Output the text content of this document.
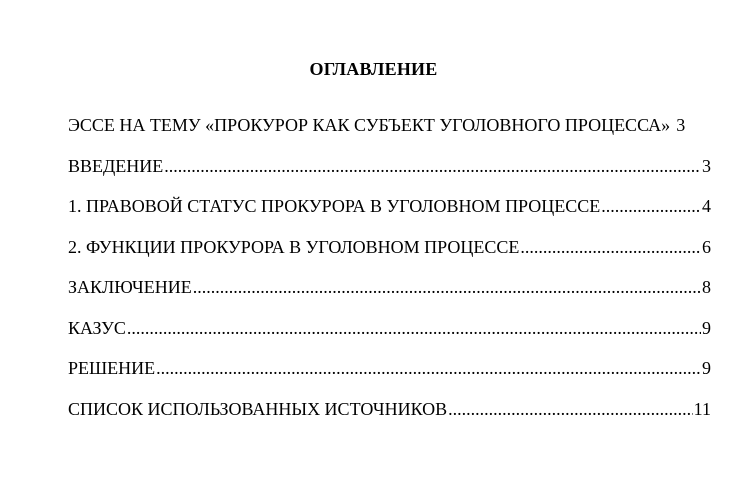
ОГЛАВЛЕНИЕ
ЭССЕ НА ТЕМУ «ПРОКУРОР КАК СУБЪЕКТ УГОЛОВНОГО ПРОЦЕССА» 3
ВВЕДЕНИЕ .....	3
1. ПРАВОВОЙ СТАТУС ПРОКУРОРА В УГОЛОВНОМ ПРОЦЕССЕ .....	4
2. ФУНКЦИИ ПРОКУРОРА В УГОЛОВНОМ ПРОЦЕССЕ .....	6
ЗАКЛЮЧЕНИЕ .....	8
КАЗУС .....	9
РЕШЕНИЕ .....	9
СПИСОК ИСПОЛЬЗОВАННЫХ ИСТОЧНИКОВ .....	11
